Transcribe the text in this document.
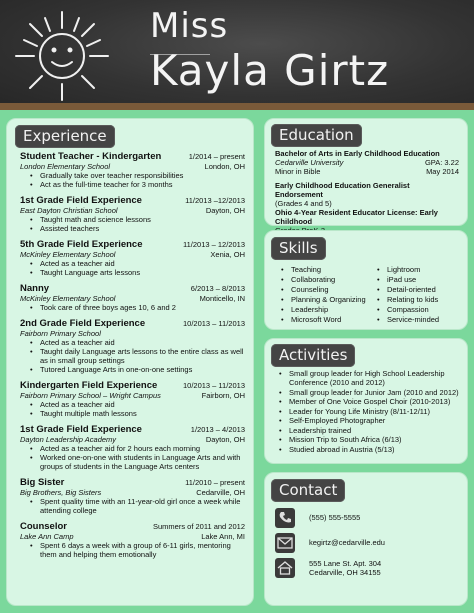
Miss
Kayla Girtz
Experience
Student Teacher - Kindergarten	1/2014 – present
London Elementary School	London, OH
• Gradually take over teacher responsibilities
• Act as the full-time teacher for 3 months
1st Grade Field Experience	11/2013 –12/2013
East Dayton Christian School	Dayton, OH
• Taught math and science lessons
• Assisted teachers
5th Grade Field Experience	11/2013 – 12/2013
McKinley Elementary School	Xenia, OH
• Acted as a teacher aid
• Taught Language arts lessons
Nanny	6/2013 – 8/2013
McKinley Elementary School	Monticello, IN
• Took care of three boys ages 10, 6 and 2
2nd Grade Field Experience	10/2013 – 11/2013
Fairborn Primary School
• Acted as a teacher aid
• Taught daily Language arts lessons to the entire class as well as in small group settings
• Tutored Language Arts in one-on-one settings
Kindergarten Field Experience	10/2013 – 11/2013
Fairborn Primary School – Wright Campus	Fairborn, OH
• Acted as a teacher aid
• Taught multiple math lessons
1st Grade Field Experience	1/2013 – 4/2013
Dayton Leadership Academy	Dayton, OH
• Acted as a teacher aid for 2 hours each morning
• Worked one-on-one with students in Language Arts and with groups of students in the Language Arts centers
Big Sister	11/2010 – present
Big Brothers, Big Sisters	Cedarville, OH
• Spent quality time with an 11-year-old girl once a week while attending college
Counselor	Summers of 2011 and 2012
Lake Ann Camp	Lake Ann, MI
• Spent 6 days a week with a group of 6-11 girls, mentoring them and helping them emotionally
Education
Bachelor of Arts in Early Childhood Education
Cedarville University	GPA: 3.22
Minor in Bible	May 2014
Early Childhood Education Generalist Endorsement
(Grades 4 and 5)
Ohio 4-Year Resident Educator License: Early Childhood
Skills
• Teaching
• Collaborating
• Counseling
• Planning & Organizing
• Leadership
• Microsoft Word
• Lightroom
• iPad use
• Detail-oriented
• Relating to kids
• Compassion
• Service-minded
Activities
• Small group leader for High School Leadership Conference (2010 and 2012)
• Small group leader for Junior Jam (2010 and 2012)
• Member of One Voice Gospel Choir (2010-2013)
• Leader for Young Life Ministry (8/11-12/11)
• Self-Employed Photographer
• Leadership trained
• Mission Trip to South Africa (6/13)
• Studied abroad in Austria (5/13)
Contact
(555) 555-5555
kegirtz@cedarville.edu
555 Lane St. Apt. 304
Cedarville, OH 34155
